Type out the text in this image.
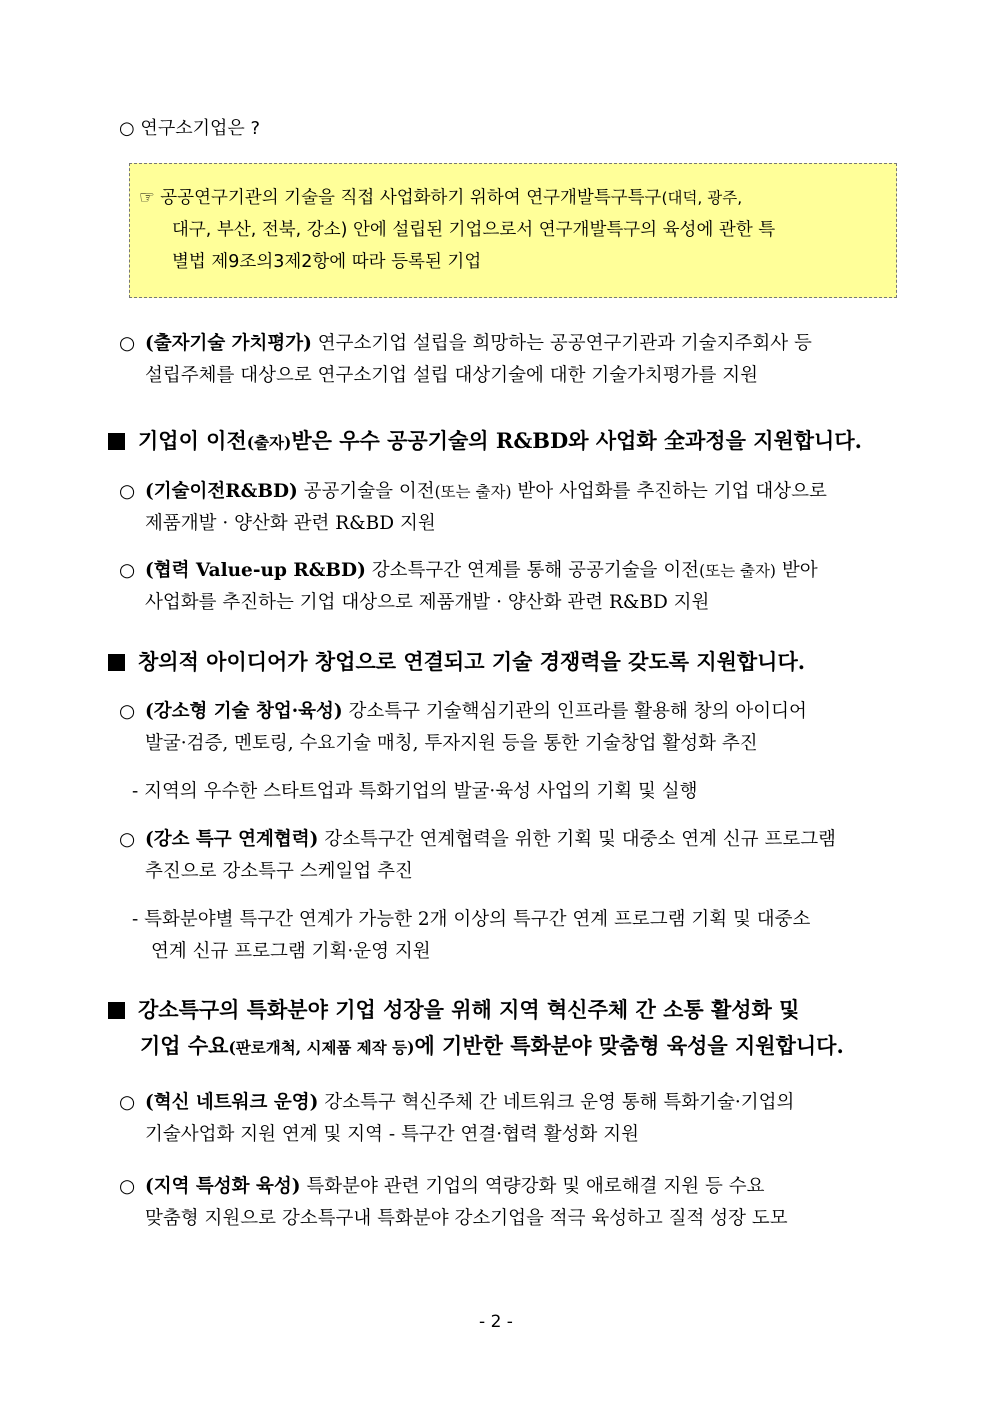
○ 연구소기업은 ?
☞ 공공연구기관의 기술을 직접 사업화하기 위하여 연구개발특구특구(대덕, 광주,
대구, 부산, 전북, 강소) 안에 설립된 기업으로서 연구개발특구의 육성에 관한 특
별법 제9조의3제2항에 따라 등록된 기업
○ (출자기술 가치평가) 연구소기업 설립을 희망하는 공공연구기관과 기술지주회사 등
설립주체를 대상으로 연구소기업 설립 대상기술에 대한 기술가치평가를 지원
기업이 이전(출자)받은 우수 공공기술의 R&BD와 사업화 全과정을 지원합니다.
○ (기술이전R&BD) 공공기술을 이전(또는 출자) 받아 사업화를 추진하는 기업 대상으로
제품개발 · 양산화 관련 R&BD 지원
○ (협력 Value-up R&BD) 강소특구간 연계를 통해 공공기술을 이전(또는 출자) 받아
사업화를 추진하는 기업 대상으로 제품개발 · 양산화 관련 R&BD 지원
창의적 아이디어가 창업으로 연결되고 기술 경쟁력을 갖도록 지원합니다.
○ (강소형 기술 창업·육성) 강소특구 기술핵심기관의 인프라를 활용해 창의 아이디어
발굴·검증, 멘토링, 수요기술 매칭, 투자지원 등을 통한 기술창업 활성화 추진
- 지역의 우수한 스타트업과 특화기업의 발굴·육성 사업의 기획 및 실행
○ (강소 특구 연계협력) 강소특구간 연계협력을 위한 기획 및 대중소 연계 신규 프로그램
추진으로 강소특구 스케일업 추진
- 특화분야별 특구간 연계가 가능한 2개 이상의 특구간 연계 프로그램 기획 및 대중소
연계 신규 프로그램 기획·운영 지원
강소특구의 특화분야 기업 성장을 위해 지역 혁신주체 간 소통 활성화 및
기업 수요(판로개척, 시제품 제작 등)에 기반한 특화분야 맞춤형 육성을 지원합니다.
○ (혁신 네트워크 운영) 강소특구 혁신주체 간 네트워크 운영 통해 특화기술·기업의
기술사업화 지원 연계 및 지역 - 특구간 연결·협력 활성화 지원
○ (지역 특성화 육성) 특화분야 관련 기업의 역량강화 및 애로해결 지원 등 수요
맞춤형 지원으로 강소특구내 특화분야 강소기업을 적극 육성하고 질적 성장 도모
- 2 -
